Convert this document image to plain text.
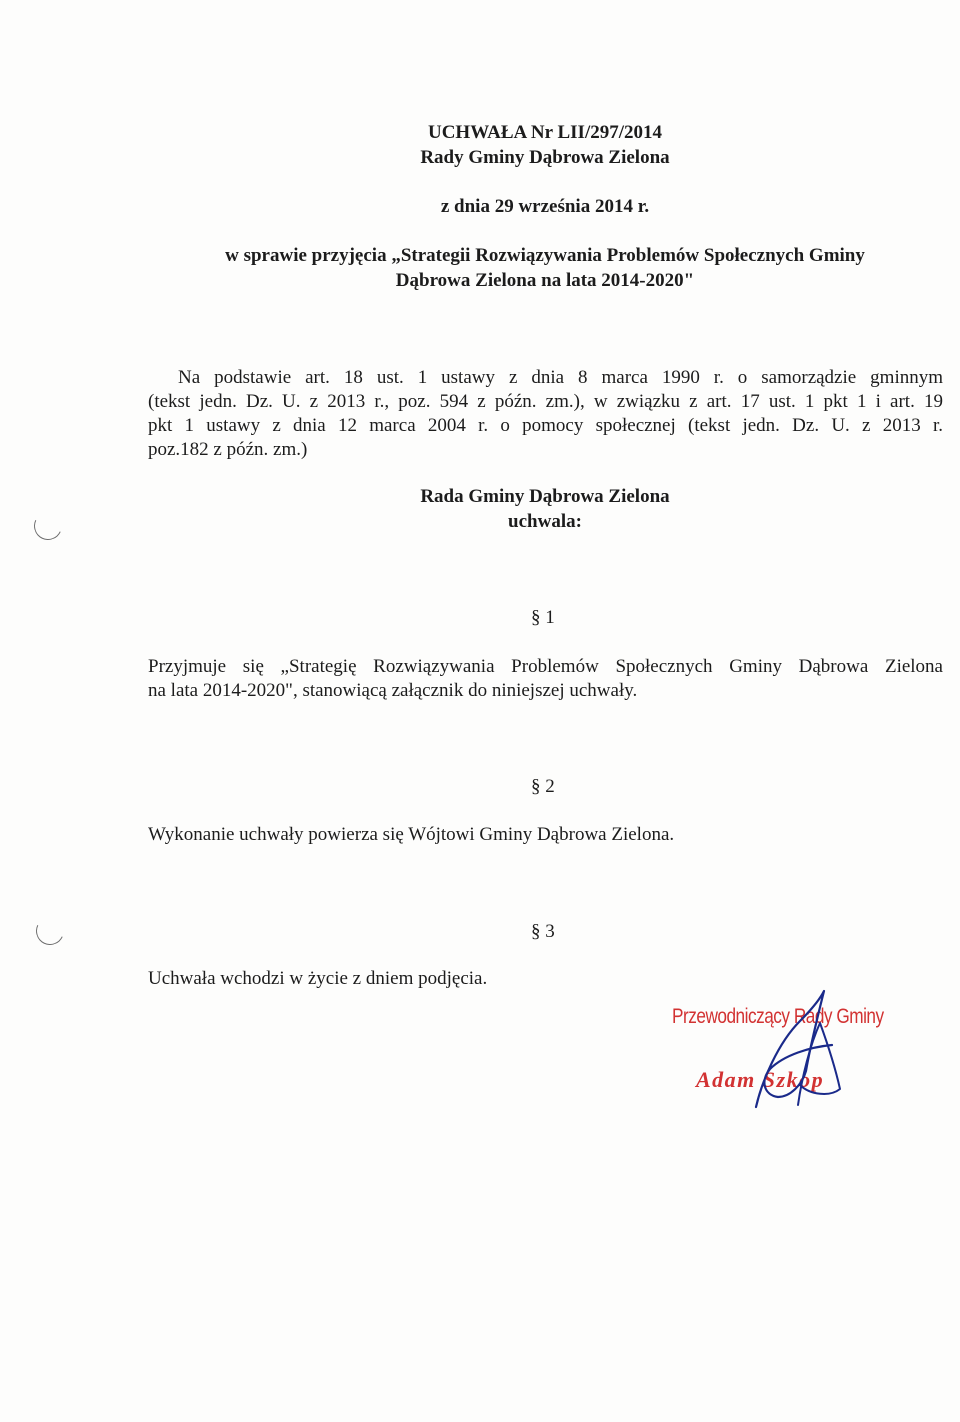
UCHWAŁA Nr LII/297/2014
Rady Gminy Dąbrowa Zielona
z dnia 29 września 2014 r.
w sprawie przyjęcia „Strategii Rozwiązywania Problemów Społecznych Gminy
Dąbrowa Zielona na lata 2014-2020"
Na podstawie art. 18 ust. 1 ustawy z dnia 8 marca 1990 r. o samorządzie gminnym
(tekst jedn. Dz. U. z 2013 r., poz. 594 z późn. zm.), w związku z art. 17 ust. 1 pkt 1 i art. 19
pkt 1 ustawy z dnia 12 marca 2004 r. o pomocy społecznej (tekst jedn. Dz. U. z 2013 r.
poz.182 z późn. zm.)
Rada Gminy Dąbrowa Zielona
uchwala:
§ 1
Przyjmuje się „Strategię Rozwiązywania Problemów Społecznych Gminy Dąbrowa Zielona
na lata 2014-2020", stanowiącą załącznik do niniejszej uchwały.
§ 2
Wykonanie uchwały powierza się Wójtowi Gminy Dąbrowa Zielona.
§ 3
Uchwała wchodzi w życie z dniem podjęcia.
Przewodniczący Rady Gminy
Adam Szkop
